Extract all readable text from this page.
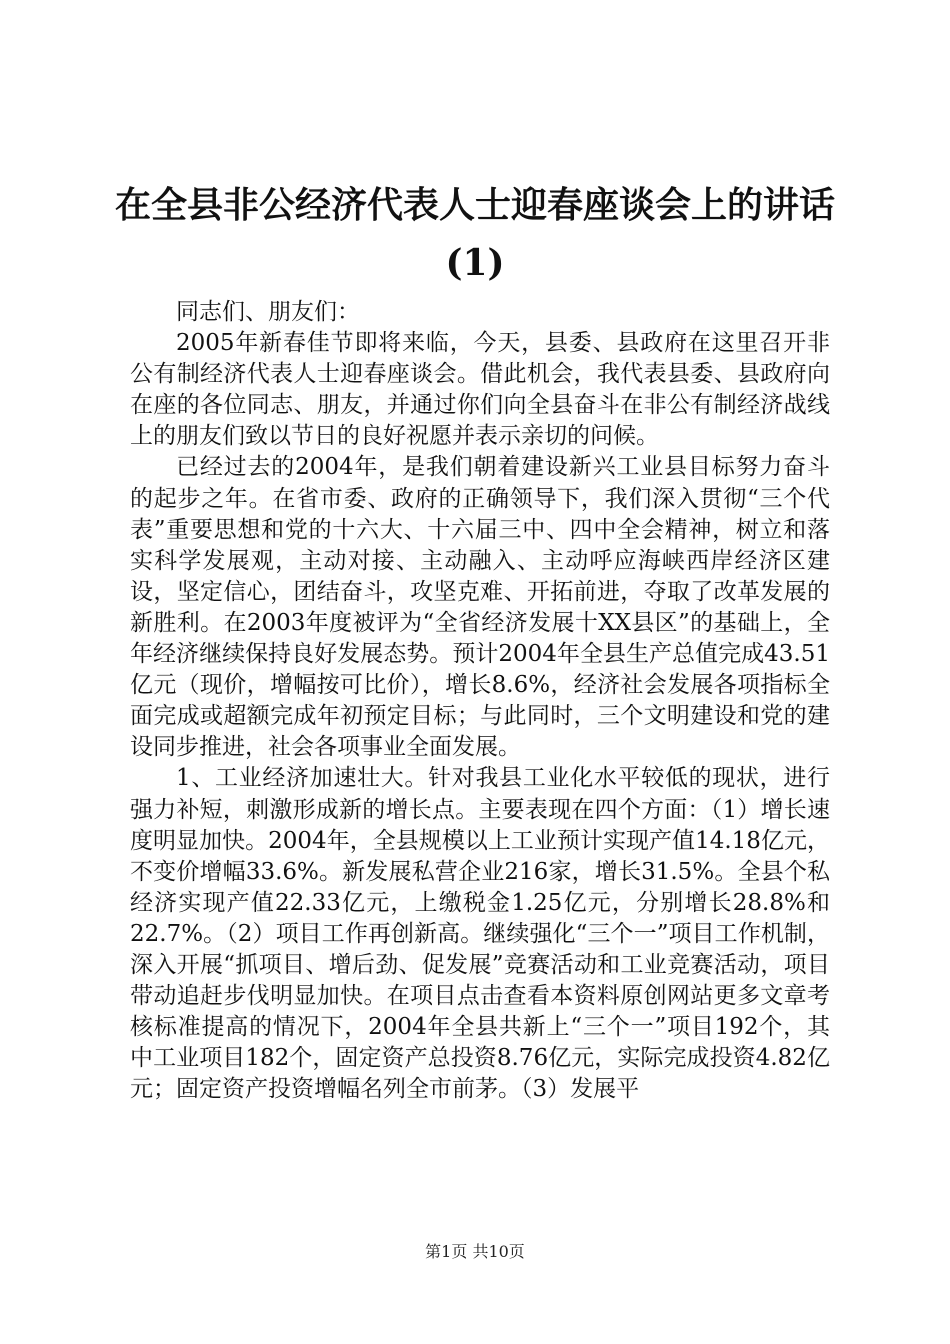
在全县非公经济代表人士迎春座谈会上的讲话(1)

同志们、朋友们：

2005年新春佳节即将来临，今天，县委、县政府在这里召开非公有制经济代表人士迎春座谈会。借此机会，我代表县委、县政府向在座的各位同志、朋友，并通过你们向全县奋斗在非公有制经济战线上的朋友们致以节日的良好祝愿并表示亲切的问候。

已经过去的2004年，是我们朝着建设新兴工业县目标努力奋斗的起步之年。在省市委、政府的正确领导下，我们深入贯彻“三个代表”重要思想和党的十六大、十六届三中、四中全会精神，树立和落实科学发展观，主动对接、主动融入、主动呼应海峡西岸经济区建设，坚定信心，团结奋斗，攻坚克难、开拓前进，夺取了改革发展的新胜利。在2003年度被评为“全省经济发展十XX县区”的基础上，全年经济继续保持良好发展态势。预计2004年全县生产总值完成43.51亿元（现价，增幅按可比价），增长8.6%，经济社会发展各项指标全面完成或超额完成年初预定目标；与此同时，三个文明建设和党的建设同步推进，社会各项事业全面发展。

1、工业经济加速壮大。针对我县工业化水平较低的现状，进行强力补短，刺激形成新的增长点。主要表现在四个方面：（1）增长速度明显加快。2004年，全县规模以上工业预计实现产值14.18亿元，不变价增幅33.6%。新发展私营企业216家，增长31.5%。全县个私经济实现产值22.33亿元，上缴税金1.25亿元，分别增长28.8%和22.7%。（2）项目工作再创新高。继续强化“三个一”项目工作机制，深入开展“抓项目、增后劲、促发展”竞赛活动和工业竞赛活动，项目带动追赶步伐明显加快。在项目点击查看本资料原创网站更多文章考核标准提高的情况下，2004年全县共新上“三个一”项目192个，其中工业项目182个，固定资产总投资8.76亿元，实际完成投资4.82亿元；固定资产投资增幅名列全市前茅。（3）发展平

第1页 共10页
